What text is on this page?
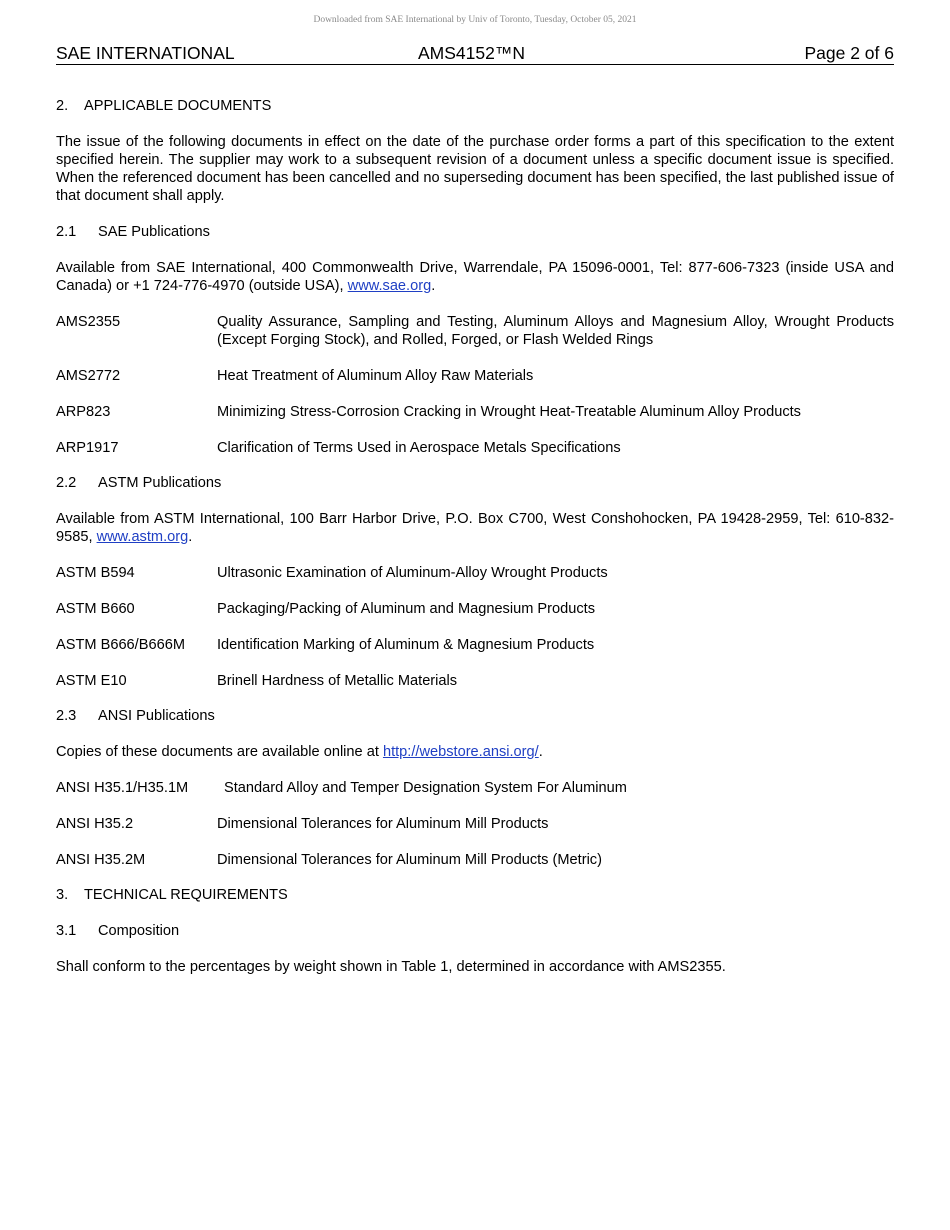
Downloaded from SAE International by Univ of Toronto, Tuesday, October 05, 2021
SAE INTERNATIONAL	AMS4152™N	Page 2 of 6

2. APPLICABLE DOCUMENTS

The issue of the following documents in effect on the date of the purchase order forms a part of this specification to the extent specified herein. The supplier may work to a subsequent revision of a document unless a specific document issue is specified. When the referenced document has been cancelled and no superseding document has been specified, the last published issue of that document shall apply.

2.1 SAE Publications

Available from SAE International, 400 Commonwealth Drive, Warrendale, PA 15096-0001, Tel: 877-606-7323 (inside USA and Canada) or +1 724-776-4970 (outside USA), www.sae.org.

AMS2355	Quality Assurance, Sampling and Testing, Aluminum Alloys and Magnesium Alloy, Wrought Products (Except Forging Stock), and Rolled, Forged, or Flash Welded Rings
AMS2772	Heat Treatment of Aluminum Alloy Raw Materials
ARP823	Minimizing Stress-Corrosion Cracking in Wrought Heat-Treatable Aluminum Alloy Products
ARP1917	Clarification of Terms Used in Aerospace Metals Specifications

2.2 ASTM Publications

Available from ASTM International, 100 Barr Harbor Drive, P.O. Box C700, West Conshohocken, PA 19428-2959, Tel: 610-832-9585, www.astm.org.

ASTM B594	Ultrasonic Examination of Aluminum-Alloy Wrought Products
ASTM B660	Packaging/Packing of Aluminum and Magnesium Products
ASTM B666/B666M Identification Marking of Aluminum & Magnesium Products
ASTM E10	Brinell Hardness of Metallic Materials

2.3 ANSI Publications

Copies of these documents are available online at http://webstore.ansi.org/.

ANSI H35.1/H35.1M Standard Alloy and Temper Designation System For Aluminum
ANSI H35.2	Dimensional Tolerances for Aluminum Mill Products
ANSI H35.2M	Dimensional Tolerances for Aluminum Mill Products (Metric)

3. TECHNICAL REQUIREMENTS

3.1 Composition

Shall conform to the percentages by weight shown in Table 1, determined in accordance with AMS2355.
